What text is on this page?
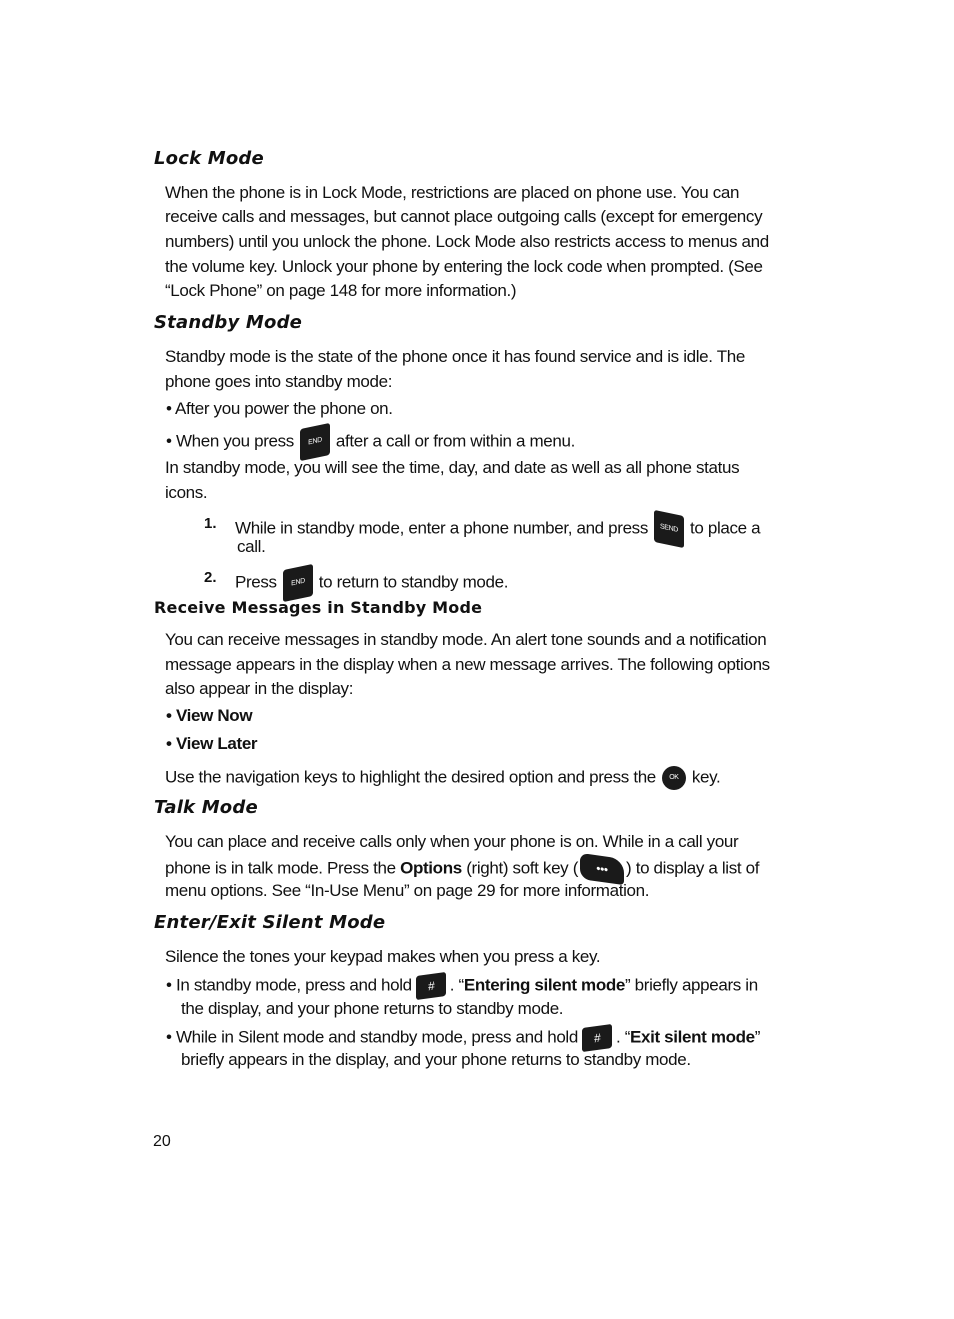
Lock Mode
When the phone is in Lock Mode, restrictions are placed on phone use. You can
receive calls and messages, but cannot place outgoing calls (except for emergency
numbers) until you unlock the phone. Lock Mode also restricts access to menus and
the volume key. Unlock your phone by entering the lock code when prompted. (See
“Lock Phone” on page 148 for more information.)
Standby Mode
Standby mode is the state of the phone once it has found service and is idle. The
phone goes into standby mode:
• After you power the phone on.
• When you press END after a call or from within a menu.
In standby mode, you will see the time, day, and date as well as all phone status
icons.
1. While in standby mode, enter a phone number, and press SEND to place a
call.
2. Press END to return to standby mode.
Receive Messages in Standby Mode
You can receive messages in standby mode. An alert tone sounds and a notification
message appears in the display when a new message arrives. The following options
also appear in the display:
• View Now
• View Later
Use the navigation keys to highlight the desired option and press the OK key.
Talk Mode
You can place and receive calls only when your phone is on. While in a call your
phone is in talk mode. Press the Options (right) soft key ( ••• ) to display a list of
menu options. See “In-Use Menu” on page 29 for more information.
Enter/Exit Silent Mode
Silence the tones your keypad makes when you press a key.
• In standby mode, press and hold # . “Entering silent mode” briefly appears in
the display, and your phone returns to standby mode.
• While in Silent mode and standby mode, press and hold # . “Exit silent mode”
briefly appears in the display, and your phone returns to standby mode.
20
